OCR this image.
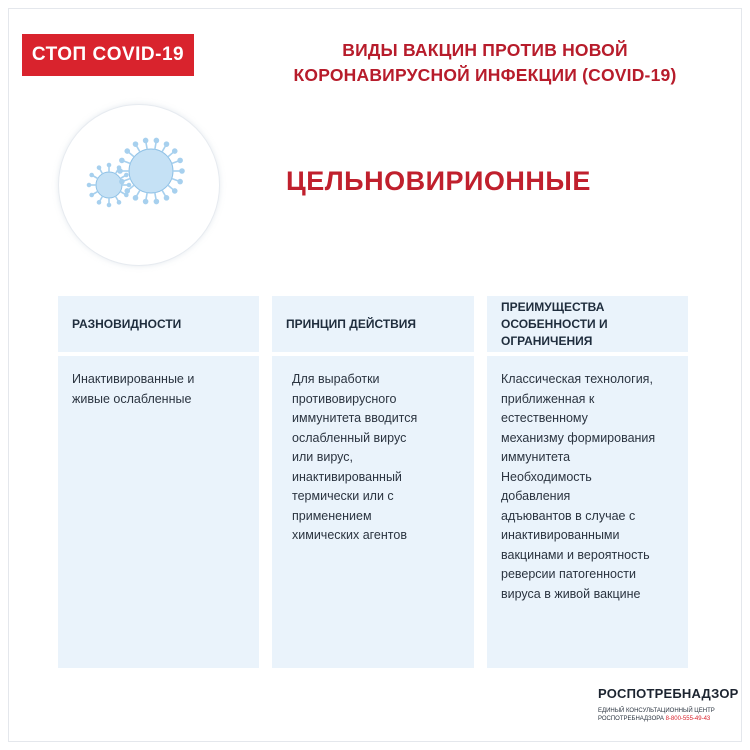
СТОП COVID-19	ВИДЫ ВАКЦИН ПРОТИВ НОВОЙ
КОРОНАВИРУСНОЙ ИНФЕКЦИИ (COVID-19)
ЦЕЛЬНОВИРИОННЫЕ
РАЗНОВИДНОСТИ
Инактивированные и
живые ослабленные
ПРИНЦИП ДЕЙСТВИЯ
Для выработки
противовирусного
иммунитета вводится
ослабленный вирус
или вирус,
инактивированный
термически или с
применением
химических агентов
ПРЕИМУЩЕСТВА
ОСОБЕННОСТИ И ОГРАНИЧЕНИЯ
Классическая технология,
приближенная к
естественному
механизму формирования
иммунитета
Необходимость
добавления
адъювантов в случае с
инактивированными
вакцинами и вероятность
реверсии патогенности
вируса в живой вакцине
РОСПОТРЕБНАДЗОР
ЕДИНЫЙ КОНСУЛЬТАЦИОННЫЙ ЦЕНТР
РОСПОТРЕБНАДЗОРА 8-800-555-49-43
